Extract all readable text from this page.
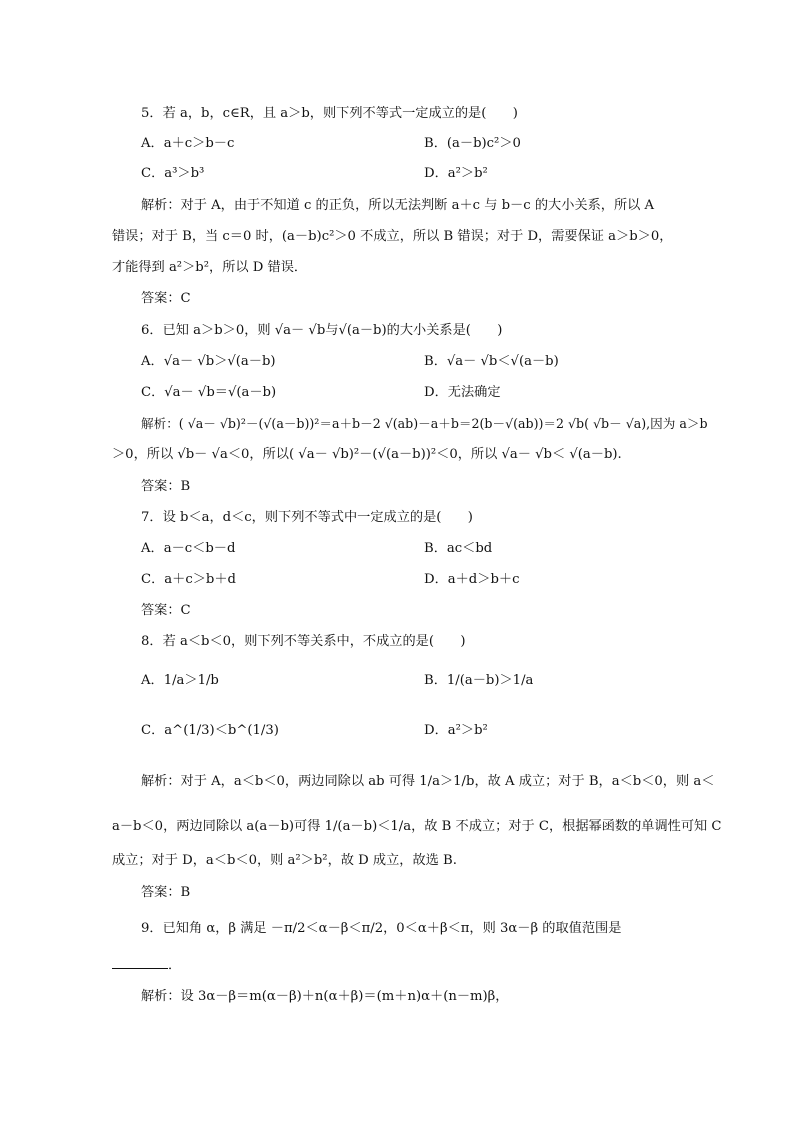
5．若 a，b，c∈R，且 a＞b，则下列不等式一定成立的是(　　)
A．a＋c＞b－c	B．(a－b)c²＞0
C．a³＞b³	D．a²＞b²
解析：对于 A，由于不知道 c 的正负，所以无法判断 a＋c 与 b－c 的大小关系，所以 A
错误；对于 B，当 c＝0 时，(a－b)c²＞0 不成立，所以 B 错误；对于 D，需要保证 a＞b＞0，
才能得到 a²＞b²，所以 D 错误．
答案：C
6．已知 a＞b＞0，则 √a－ √b与√(a－b)的大小关系是(　　)
A．√a－ √b＞√(a－b)	B．√a－ √b＜√(a－b)
C．√a－ √b＝√(a－b)	D．无法确定
解析：( √a－ √b)²－(√(a－b))²＝a＋b－2 √(ab)－a＋b＝2(b－√(ab))＝2 √b( √b－ √a),因为 a＞b
＞0，所以 √b－ √a＜0，所以( √a－ √b)²－(√(a－b))²＜0，所以 √a－ √b＜ √(a－b).
答案：B
7．设 b＜a，d＜c，则下列不等式中一定成立的是(　　)
A．a－c＜b－d	B．ac＜bd
C．a＋c＞b＋d	D．a＋d＞b＋c
答案：C
8．若 a＜b＜0，则下列不等关系中，不成立的是(　　)
A．1/a＞1/b	B．1/(a－b)＞1/a
C．a^(1/3)＜b^(1/3)	D．a²＞b²
解析：对于 A，a＜b＜0，两边同除以 ab 可得 1/a＞1/b，故 A 成立；对于 B，a＜b＜0，则 a＜
a－b＜0，两边同除以 a(a－b)可得 1/(a－b)＜1/a，故 B 不成立；对于 C，根据幂函数的单调性可知 C
成立；对于 D，a＜b＜0，则 a²＞b²，故 D 成立，故选 B.
答案：B
9．已知角 α，β 满足 －π/2＜α－β＜π/2，0＜α＋β＜π，则 3α－β 的取值范围是
．
解析：设 3α－β＝m(α－β)＋n(α＋β)＝(m＋n)α＋(n－m)β，
